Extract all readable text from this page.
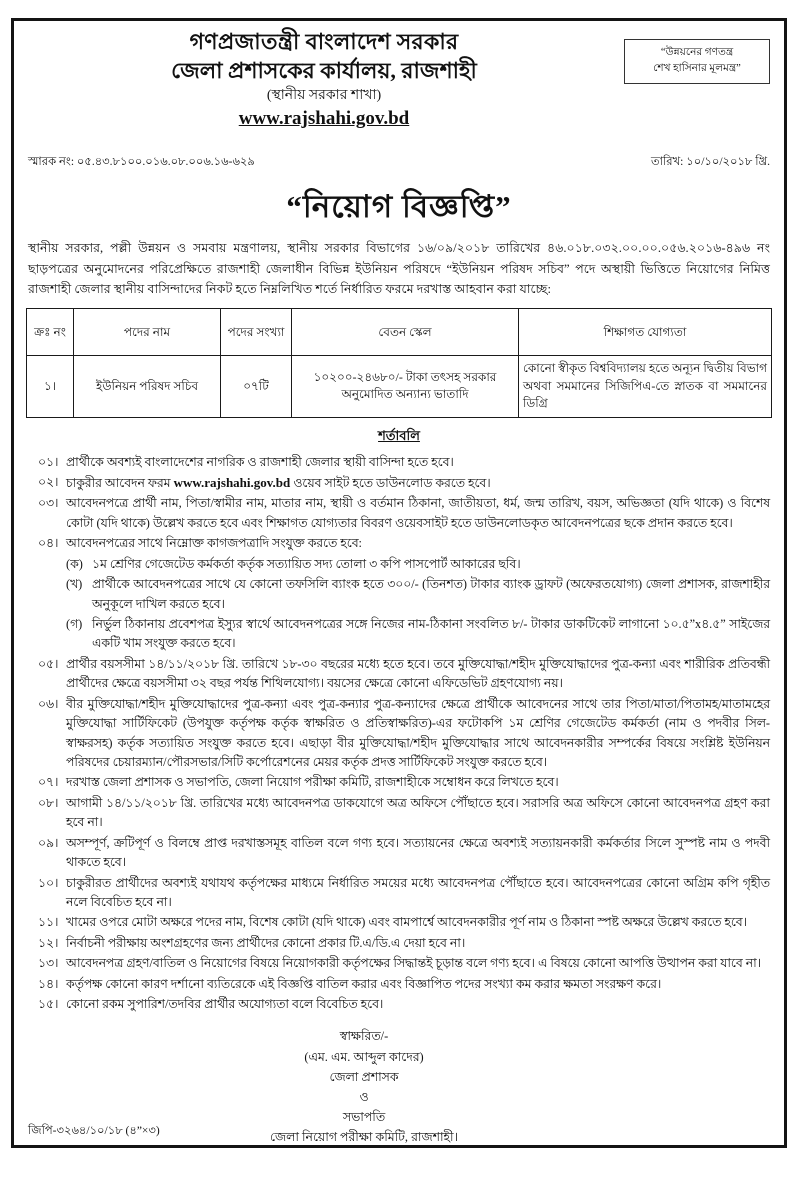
গণপ্রজাতন্ত্রী বাংলাদেশ সরকার
জেলা প্রশাসকের কার্যালয়, রাজশাহী
(স্থানীয় সরকার শাখা)
www.rajshahi.gov.bd
“উন্নয়নের গণতন্ত্র
শেখ হাসিনার মূলমন্ত্র”
স্মারক নং: ০৫.৪৩.৮১০০.০১৬.০৮.০০৬.১৬-৬২৯	তারিখ: ১০/১০/২০১৮ খ্রি.
“নিয়োগ বিজ্ঞপ্তি”
স্থানীয় সরকার, পল্লী উন্নয়ন ও সমবায় মন্ত্রণালয়, স্থানীয় সরকার বিভাগের ১৬/০৯/২০১৮ তারিখের ৪৬.০১৮.০৩২.০০.০০.০৫৬.২০১৬-৪৯৬ নং ছাড়পত্রের অনুমোদনের পরিপ্রেক্ষিতে রাজশাহী জেলাধীন বিভিন্ন ইউনিয়ন পরিষদে “ইউনিয়ন পরিষদ সচিব” পদে অস্থায়ী ভিত্তিতে নিয়োগের নিমিত্ত রাজশাহী জেলার স্থানীয় বাসিন্দাদের নিকট হতে নিম্নলিখিত শর্তে নির্ধারিত ফরমে দরখাস্ত আহবান করা যাচ্ছে:
ক্রঃ নং	পদের নাম	পদের সংখ্যা	বেতন স্কেল	শিক্ষাগত যোগ্যতা
১।	ইউনিয়ন পরিষদ সচিব	০৭টি	১০২০০-২৪৬৮০/- টাকা তৎসহ সরকার অনুমোদিত অন্যান্য ভাতাদি	কোনো স্বীকৃত বিশ্ববিদ্যালয় হতে অন্যূন দ্বিতীয় বিভাগ অথবা সমমানের সিজিপিএ-তে স্নাতক বা সমমানের ডিগ্রি
শর্তাবলি
০১। প্রার্থীকে অবশ্যই বাংলাদেশের নাগরিক ও রাজশাহী জেলার স্থায়ী বাসিন্দা হতে হবে।
০২। চাকুরীর আবেদন ফরম www.rajshahi.gov.bd ওয়েব সাইট হতে ডাউনলোড করতে হবে।
০৩। আবেদনপত্রে প্রার্থী নাম, পিতা/স্বামীর নাম, মাতার নাম, স্থায়ী ও বর্তমান ঠিকানা, জাতীয়তা, ধর্ম, জন্ম তারিখ, বয়স, অভিজ্ঞতা (যদি থাকে) ও বিশেষ কোটা (যদি থাকে) উল্লেখ করতে হবে এবং শিক্ষাগত যোগ্যতার বিবরণ ওয়েবসাইট হতে ডাউনলোডকৃত আবেদনপত্রের ছকে প্রদান করতে হবে।
০৪। আবেদনপত্রের সাথে নিম্নোক্ত কাগজপত্রাদি সংযুক্ত করতে হবে:
(ক) ১ম শ্রেণির গেজেটেড কর্মকর্তা কর্তৃক সত্যায়িত সদ্য তোলা ৩ কপি পাসপোর্ট আকারের ছবি।
(খ) প্রার্থীকে আবেদনপত্রের সাথে যে কোনো তফসিলি ব্যাংক হতে ৩০০/- (তিনশত) টাকার ব্যাংক ড্রাফট (অফেরতযোগ্য) জেলা প্রশাসক, রাজশাহীর অনুকূলে দাখিল করতে হবে।
(গ) নির্ভুল ঠিকানায় প্রবেশপত্র ইস্যুর স্বার্থে আবেদনপত্রের সঙ্গে নিজের নাম-ঠিকানা সংবলিত ৮/- টাকার ডাকটিকেট লাগানো ১০.৫”x৪.৫” সাইজের একটি খাম সংযুক্ত করতে হবে।
০৫। প্রার্থীর বয়সসীমা ১৪/১১/২০১৮ খ্রি. তারিখে ১৮-৩০ বছরের মধ্যে হতে হবে। তবে মুক্তিযোদ্ধা/শহীদ মুক্তিযোদ্ধাদের পুত্র-কন্যা এবং শারীরিক প্রতিবন্ধী প্রার্থীদের ক্ষেত্রে বয়সসীমা ৩২ বছর পর্যন্ত শিথিলযোগ্য। বয়সের ক্ষেত্রে কোনো এফিডেভিট গ্রহণযোগ্য নয়।
০৬। বীর মুক্তিযোদ্ধা/শহীদ মুক্তিযোদ্ধাদের পুত্র-কন্যা এবং পুত্র-কন্যার পুত্র-কন্যাদের ক্ষেত্রে প্রার্থীকে আবেদনের সাথে তার পিতা/মাতা/পিতামহ/মাতামহের মুক্তিযোদ্ধা সার্টিফিকেট (উপযুক্ত কর্তৃপক্ষ কর্তৃক স্বাক্ষরিত ও প্রতিস্বাক্ষরিত)-এর ফটোকপি ১ম শ্রেণির গেজেটেড কর্মকর্তা (নাম ও পদবীর সিল-স্বাক্ষরসহ) কর্তৃক সত্যায়িত সংযুক্ত করতে হবে। এছাড়া বীর মুক্তিযোদ্ধা/শহীদ মুক্তিযোদ্ধার সাথে আবেদনকারীর সম্পর্কের বিষয়ে সংশ্লিষ্ট ইউনিয়ন পরিষদের চেয়ারম্যান/পৌরসভার/সিটি কর্পোরেশনের মেয়র কর্তৃক প্রদত্ত সার্টিফিকেট সংযুক্ত করতে হবে।
০৭। দরখাস্ত জেলা প্রশাসক ও সভাপতি, জেলা নিয়োগ পরীক্ষা কমিটি, রাজশাহীকে সম্বোধন করে লিখতে হবে।
০৮। আগামী ১৪/১১/২০১৮ খ্রি. তারিখের মধ্যে আবেদনপত্র ডাকযোগে অত্র অফিসে পৌঁছাতে হবে। সরাসরি অত্র অফিসে কোনো আবেদনপত্র গ্রহণ করা হবে না।
০৯। অসম্পূর্ণ, ক্রটিপূর্ণ ও বিলম্বে প্রাপ্ত দরখাস্তসমূহ বাতিল বলে গণ্য হবে। সত্যায়নের ক্ষেত্রে অবশ্যই সত্যায়নকারী কর্মকর্তার সিলে সুস্পষ্ট নাম ও পদবী থাকতে হবে।
১০। চাকুরীরত প্রার্থীদের অবশ্যই যথাযথ কর্তৃপক্ষের মাধ্যমে নির্ধারিত সময়ের মধ্যে আবেদনপত্র পৌঁছাতে হবে। আবেদনপত্রের কোনো অগ্রিম কপি গৃহীত নলে বিবেচিত হবে না।
১১। খামের ওপরে মোটা অক্ষরে পদের নাম, বিশেষ কোটা (যদি থাকে) এবং বামপার্শ্বে আবেদনকারীর পূর্ণ নাম ও ঠিকানা স্পষ্ট অক্ষরে উল্লেখ করতে হবে।
১২। নির্বাচনী পরীক্ষায় অংশগ্রহণের জন্য প্রার্থীদের কোনো প্রকার টি.এ/ডি.এ দেয়া হবে না।
১৩। আবেদনপত্র গ্রহণ/বাতিল ও নিয়োগের বিষয়ে নিয়োগকারী কর্তৃপক্ষের সিদ্ধান্তই চূড়ান্ত বলে গণ্য হবে। এ বিষয়ে কোনো আপত্তি উত্থাপন করা যাবে না।
১৪। কর্তৃপক্ষ কোনো কারণ দর্শানো ব্যতিরেকে এই বিজ্ঞপ্তি বাতিল করার এবং বিজ্ঞাপিত পদের সংখ্যা কম করার ক্ষমতা সংরক্ষণ করে।
১৫। কোনো রকম সুপারিশ/তদবির প্রার্থীর অযোগ্যতা বলে বিবেচিত হবে।
স্বাক্ষরিত/-
(এম. এম. আব্দুল কাদের)
জেলা প্রশাসক
ও
সভাপতি
জেলা নিয়োগ পরীক্ষা কমিটি, রাজশাহী।
জিপি-৩২৬৪/১০/১৮ (৪”×৩)
